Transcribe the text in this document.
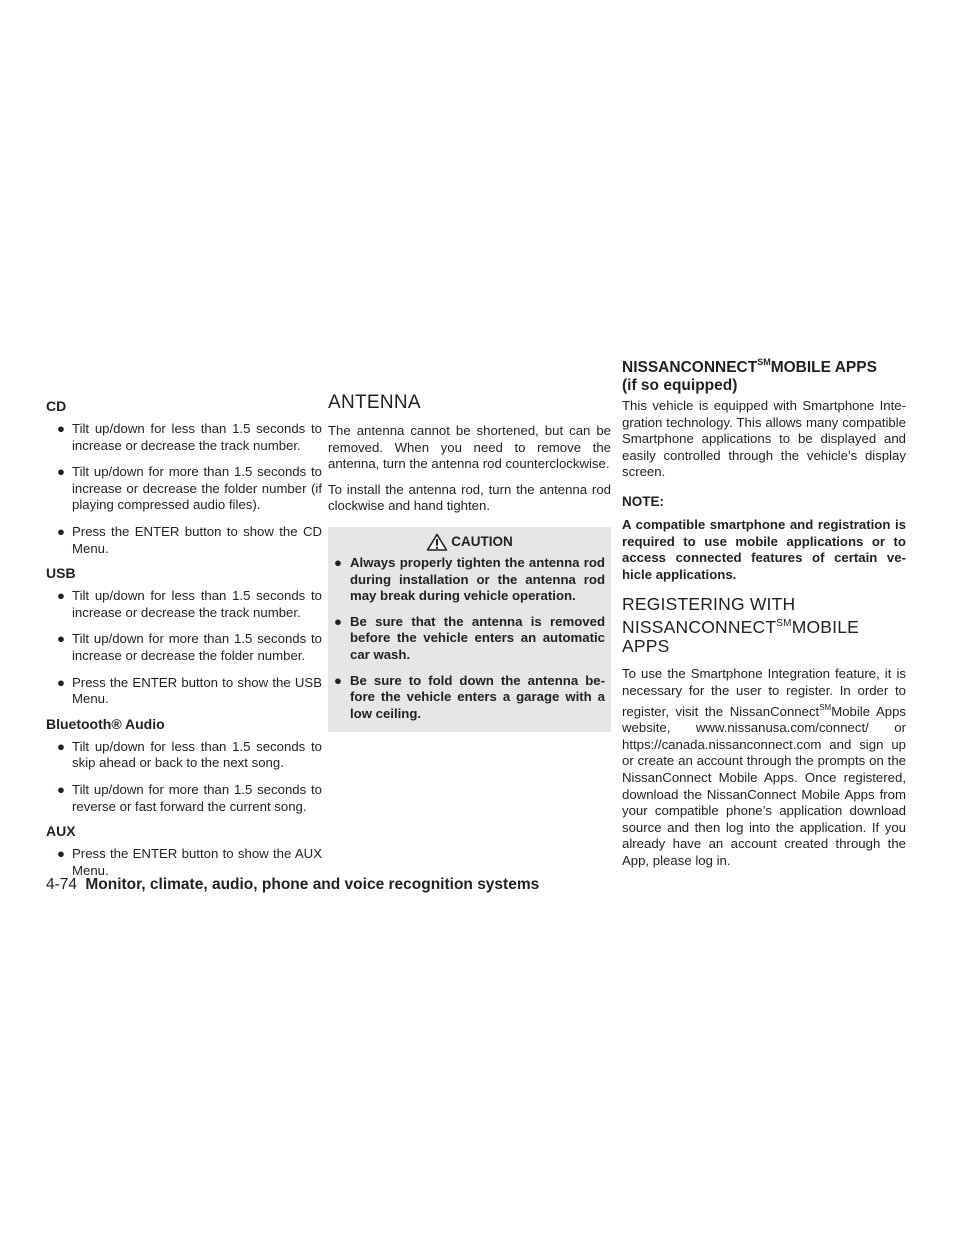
CD
● Tilt up/down for less than 1.5 seconds to increase or decrease the track number.
● Tilt up/down for more than 1.5 seconds to increase or decrease the folder number (if playing compressed audio files).
● Press the ENTER button to show the CD Menu.
USB
● Tilt up/down for less than 1.5 seconds to increase or decrease the track number.
● Tilt up/down for more than 1.5 seconds to increase or decrease the folder number.
● Press the ENTER button to show the USB Menu.
Bluetooth® Audio
● Tilt up/down for less than 1.5 seconds to skip ahead or back to the next song.
● Tilt up/down for more than 1.5 seconds to reverse or fast forward the current song.
AUX
● Press the ENTER button to show the AUX Menu.
ANTENNA

The antenna cannot be shortened, but can be removed. When you need to remove the antenna, turn the antenna rod counterclockwise.

To install the antenna rod, turn the antenna rod clockwise and hand tighten.

CAUTION
● Always properly tighten the antenna rod during installation or the antenna rod may break during vehicle operation.
● Be sure that the antenna is removed before the vehicle enters an automatic car wash.
● Be sure to fold down the antenna be-fore the vehicle enters a garage with a low ceiling.
NISSANCONNECT℠MOBILE APPS
(if so equipped)

This vehicle is equipped with Smartphone Inte-gration technology. This allows many compatible Smartphone applications to be displayed and easily controlled through the vehicle’s display screen.

NOTE:

A compatible smartphone and registration is required to use mobile applications or to access connected features of certain ve-hicle applications.

REGISTERING WITH
NISSANCONNECT℠MOBILE APPS

To use the Smartphone Integration feature, it is necessary for the user to register. In order to register, visit the NissanConnect℠Mobile Apps website, www.nissanusa.com/connect/ or https://canada.nissanconnect.com and sign up or create an account through the prompts on the NissanConnect Mobile Apps. Once registered, download the NissanConnect Mobile Apps from your compatible phone’s application download source and then log into the application. If you already have an account created through the App, please log in.

4-74 Monitor, climate, audio, phone and voice recognition systems
